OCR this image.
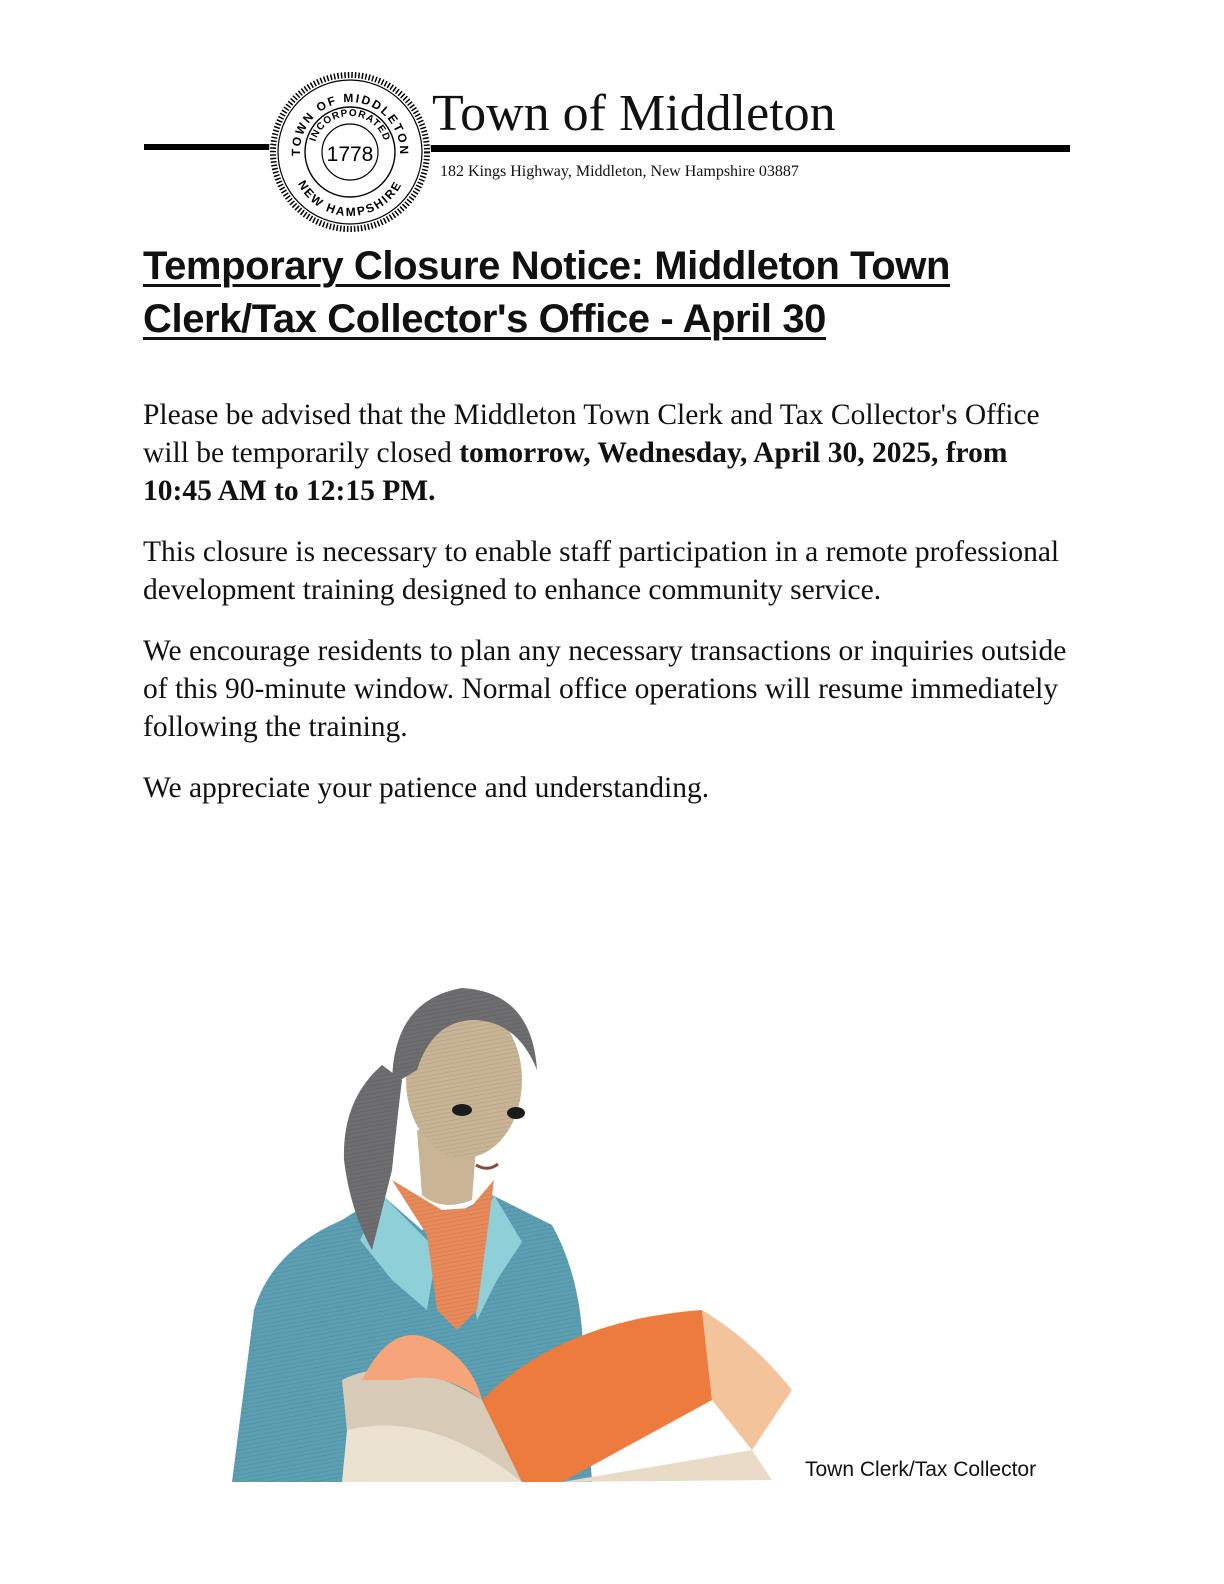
TOWN OF MIDDLETON
INCORPORATED
NEW HAMPSHIRE
1778
Town of Middleton
182 Kings Highway, Middleton, New Hampshire 03887
Temporary Closure Notice: Middleton Town Clerk/Tax Collector's Office - April 30

Please be advised that the Middleton Town Clerk and Tax Collector's Office will be temporarily closed tomorrow, Wednesday, April 30, 2025, from 10:45 AM to 12:15 PM.

This closure is necessary to enable staff participation in a remote professional development training designed to enhance community service.

We encourage residents to plan any necessary transactions or inquiries outside of this 90-minute window. Normal office operations will resume immediately following the training.

We appreciate your patience and understanding.

Town Clerk/Tax Collector
